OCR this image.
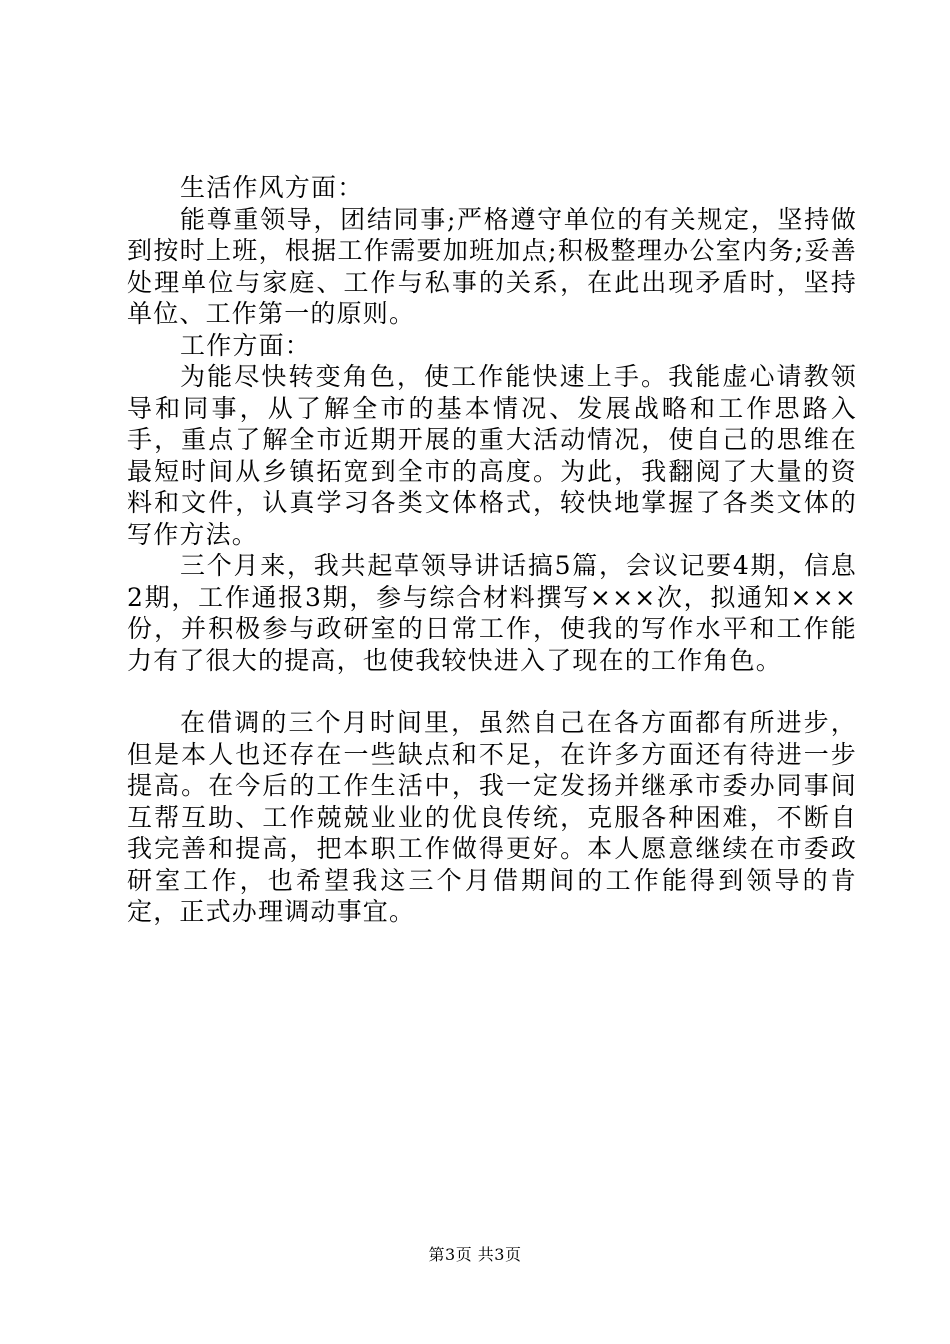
生活作风方面：

能尊重领导，团结同事;严格遵守单位的有关规定，坚持做到按时上班，根据工作需要加班加点;积极整理办公室内务;妥善处理单位与家庭、工作与私事的关系，在此出现矛盾时，坚持单位、工作第一的原则。

工作方面：

为能尽快转变角色，使工作能快速上手。我能虚心请教领导和同事，从了解全市的基本情况、发展战略和工作思路入手，重点了解全市近期开展的重大活动情况，使自己的思维在最短时间从乡镇拓宽到全市的高度。为此，我翻阅了大量的资料和文件，认真学习各类文体格式，较快地掌握了各类文体的写作方法。

三个月来，我共起草领导讲话搞5篇，会议记要4期，信息2期，工作通报3期，参与综合材料撰写×××次，拟通知×××份，并积极参与政研室的日常工作，使我的写作水平和工作能力有了很大的提高，也使我较快进入了现在的工作角色。

在借调的三个月时间里，虽然自己在各方面都有所进步，但是本人也还存在一些缺点和不足，在许多方面还有待进一步提高。在今后的工作生活中，我一定发扬并继承市委办同事间互帮互助、工作兢兢业业的优良传统，克服各种困难，不断自我完善和提高，把本职工作做得更好。本人愿意继续在市委政研室工作，也希望我这三个月借期间的工作能得到领导的肯定，正式办理调动事宜。

第3页 共3页
